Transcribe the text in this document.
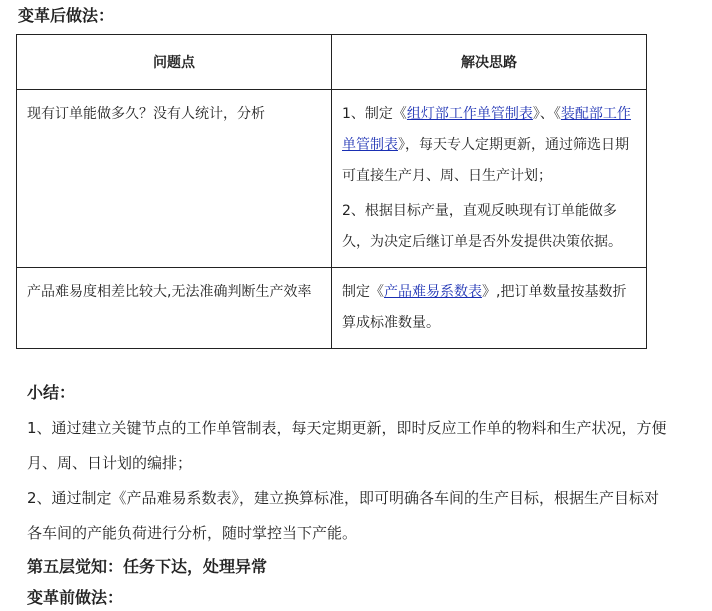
变革后做法：
问题点	解决思路
现有订单能做多久？没有人统计，分析	1、制定《组灯部工作单管制表》、《装配部工作单管制表》，每天专人定期更新，通过筛选日期可直接生产月、周、日生产计划；
2、根据目标产量，直观反映现有订单能做多久，为决定后继订单是否外发提供决策依据。

产品难易度相差比较大,无法准确判断生产效率	制定《产品难易系数表》,把订单数量按基数折算成标准数量。
小结：
1、通过建立关键节点的工作单管制表，每天定期更新，即时反应工作单的物料和生产状况，方便月、周、日计划的编排；
2、通过制定《产品难易系数表》，建立换算标准，即可明确各车间的生产目标，根据生产目标对各车间的产能负荷进行分析，随时掌控当下产能。
第五层觉知：任务下达，处理异常
变革前做法：
